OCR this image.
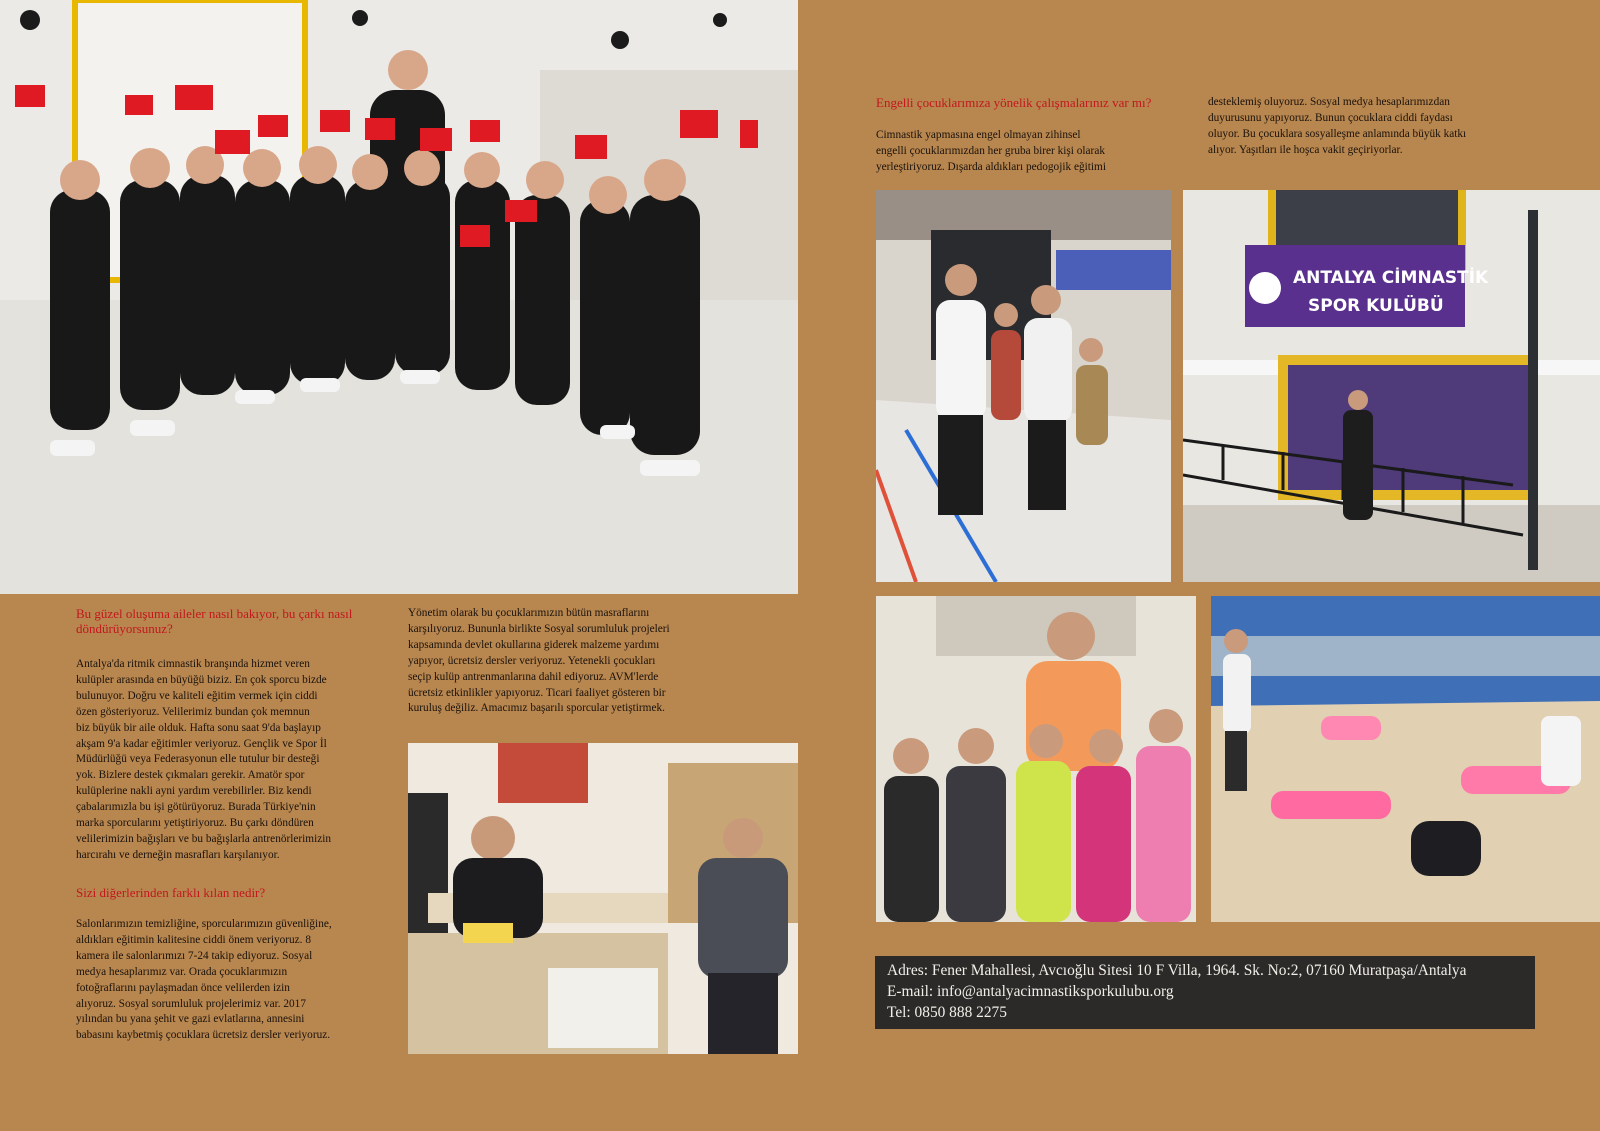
Bu güzel oluşuma aileler nasıl bakıyor, bu çarkı nasıl döndürüyorsunuz?

Antalya'da ritmik cimnastik branşında hizmet veren
kulüpler arasında en büyüğü biziz. En çok sporcu bizde
bulunuyor. Doğru ve kaliteli eğitim vermek için ciddi
özen gösteriyoruz. Velilerimiz bundan çok memnun
biz büyük bir aile olduk. Hafta sonu saat 9'da başlayıp
akşam 9'a kadar eğitimler veriyoruz. Gençlik ve Spor İl
Müdürlüğü veya Federasyonun elle tutulur bir desteği
yok. Bizlere destek çıkmaları gerekir. Amatör spor
kulüplerine nakli ayni yardım verebilirler. Biz kendi
çabalarımızla bu işi götürüyoruz. Burada Türkiye'nin
marka sporcularını yetiştiriyoruz. Bu çarkı döndüren
velilerimizin bağışları ve bu bağışlarla antrenörlerimizin
harcırahı ve derneğin masrafları karşılanıyor.

Sizi diğerlerinden farklı kılan nedir?

Salonlarımızın temizliğine, sporcularımızın güvenliğine,
aldıkları eğitimin kalitesine ciddi önem veriyoruz. 8
kamera ile salonlarımızı 7-24 takip ediyoruz. Sosyal
medya hesaplarımız var. Orada çocuklarımızın
fotoğraflarını paylaşmadan önce velilerden izin
alıyoruz. Sosyal sorumluluk projelerimiz var. 2017
yılından bu yana şehit ve gazi evlatlarına, annesini
babasını kaybetmiş çocuklara ücretsiz dersler veriyoruz.

Yönetim olarak bu çocuklarımızın bütün masraflarını
karşılıyoruz. Bununla birlikte Sosyal sorumluluk projeleri
kapsamında devlet okullarına giderek malzeme yardımı
yapıyor, ücretsiz dersler veriyoruz. Yetenekli çocukları
seçip kulüp antrenmanlarına dahil ediyoruz. AVM'lerde
ücretsiz etkinlikler yapıyoruz. Ticari faaliyet gösteren bir
kuruluş değiliz. Amacımız başarılı sporcular yetiştirmek.

Engelli çocuklarımıza yönelik çalışmalarınız var mı?

Cimnastik yapmasına engel olmayan zihinsel
engelli çocuklarımızdan her gruba birer kişi olarak
yerleştiriyoruz. Dışarda aldıkları pedogojik eğitimi

desteklemiş oluyoruz. Sosyal medya hesaplarımızdan
duyurusunu yapıyoruz. Bunun çocuklara ciddi faydası
oluyor. Bu çocuklara sosyalleşme anlamında büyük katkı
alıyor. Yaşıtları ile hoşca vakit geçiriyorlar.

ANTALYA CİMNASTİK
SPOR KULÜBÜ
Adres: Fener Mahallesi, Avcıoğlu Sitesi 10 F Villa, 1964. Sk. No:2, 07160 Muratpaşa/Antalya
E-mail: info@antalyacimnastikspor​kulubu.org
Tel: 0850 888 2275
